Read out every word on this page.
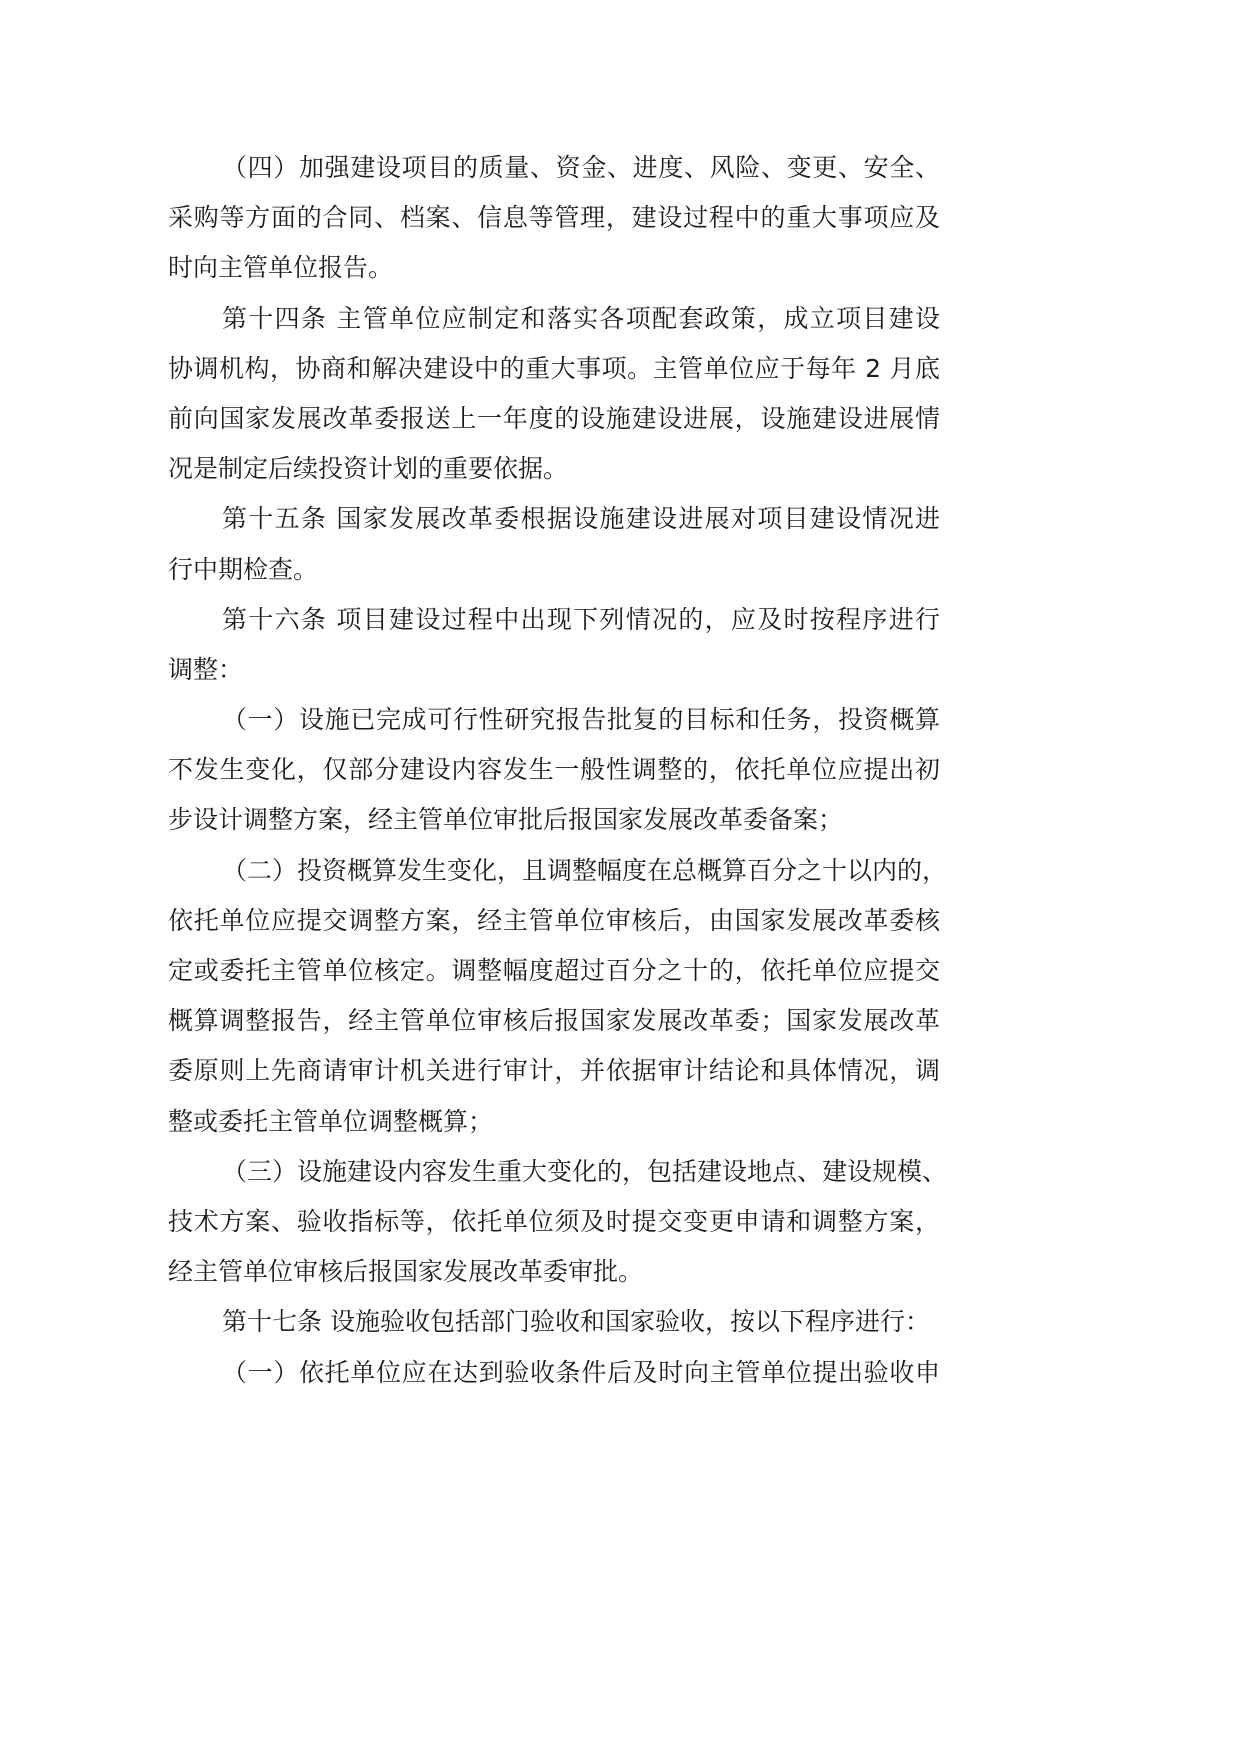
（四）加强建设项目的质量、资金、进度、风险、变更、安全、
采购等方面的合同、档案、信息等管理，建设过程中的重大事项应及
时向主管单位报告。
第十四条 主管单位应制定和落实各项配套政策，成立项目建设
协调机构，协商和解决建设中的重大事项。主管单位应于每年 2 月底
前向国家发展改革委报送上一年度的设施建设进展，设施建设进展情
况是制定后续投资计划的重要依据。
第十五条 国家发展改革委根据设施建设进展对项目建设情况进
行中期检查。
第十六条 项目建设过程中出现下列情况的，应及时按程序进行
调整：
（一）设施已完成可行性研究报告批复的目标和任务，投资概算
不发生变化，仅部分建设内容发生一般性调整的，依托单位应提出初
步设计调整方案，经主管单位审批后报国家发展改革委备案；
（二）投资概算发生变化，且调整幅度在总概算百分之十以内的，
依托单位应提交调整方案，经主管单位审核后，由国家发展改革委核
定或委托主管单位核定。调整幅度超过百分之十的，依托单位应提交
概算调整报告，经主管单位审核后报国家发展改革委；国家发展改革
委原则上先商请审计机关进行审计，并依据审计结论和具体情况，调
整或委托主管单位调整概算；
（三）设施建设内容发生重大变化的，包括建设地点、建设规模、
技术方案、验收指标等，依托单位须及时提交变更申请和调整方案，
经主管单位审核后报国家发展改革委审批。
第十七条 设施验收包括部门验收和国家验收，按以下程序进行：
（一）依托单位应在达到验收条件后及时向主管单位提出验收申
